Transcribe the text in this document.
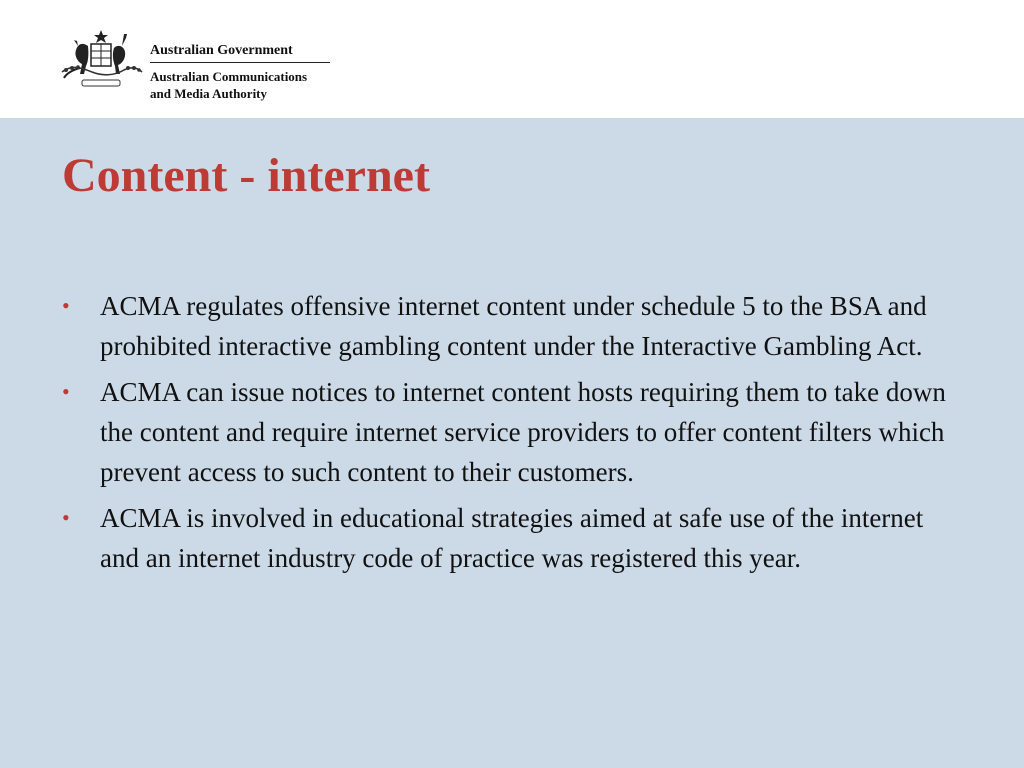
Australian Government
Australian Communications
and Media Authority
Content - internet
• ACMA regulates offensive internet content under schedule 5 to the BSA and prohibited interactive gambling content under the Interactive Gambling Act.
• ACMA can issue notices to internet content hosts requiring them to take down the content and require internet service providers to offer content filters which prevent access to such content to their customers.
• ACMA is involved in educational strategies aimed at safe use of the internet and an internet industry code of practice was registered this year.
